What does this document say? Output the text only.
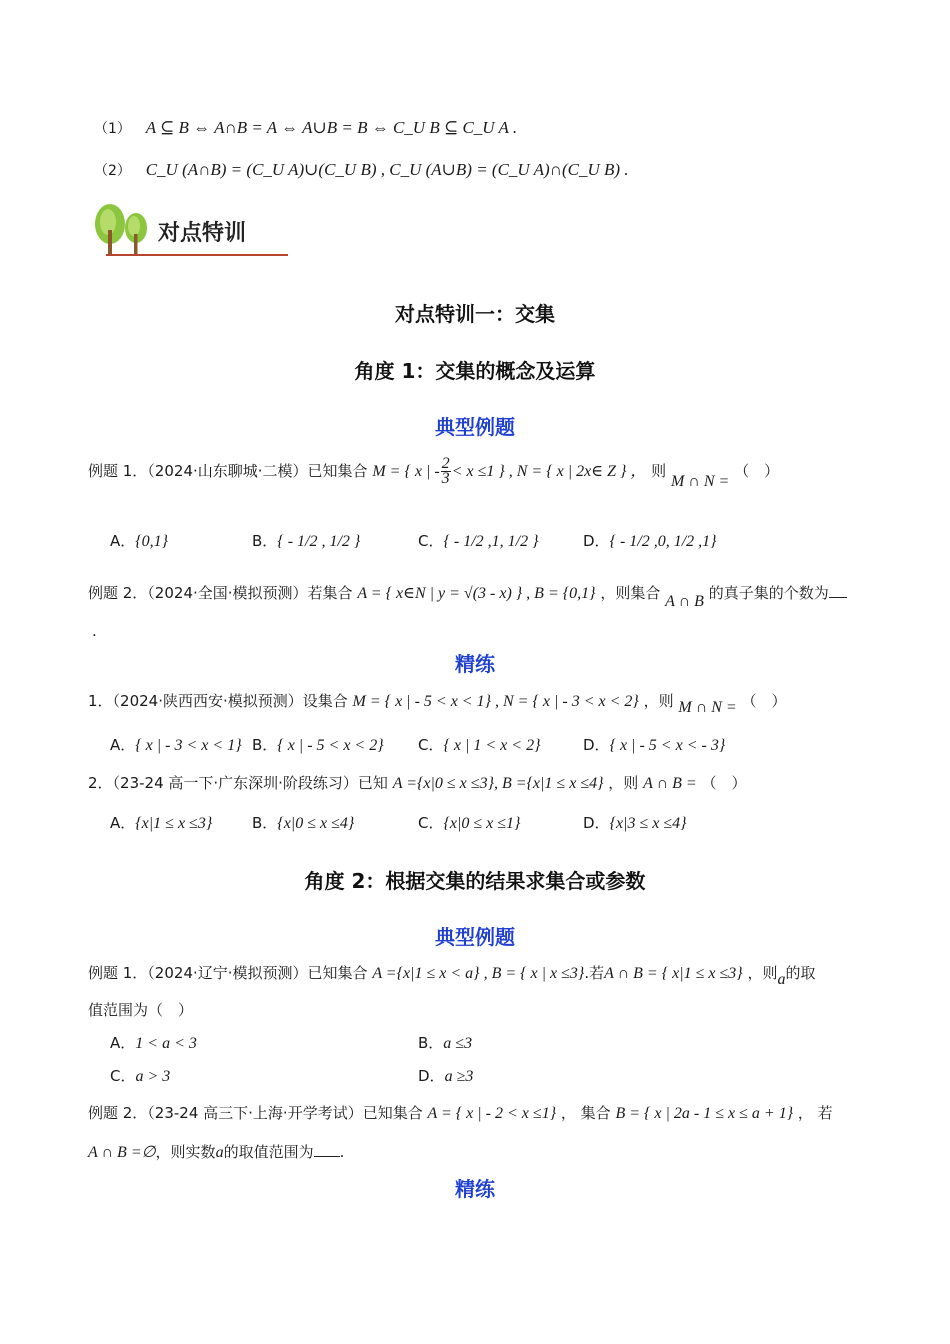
（1） A ⊆ B ⇔ A∩B = A ⇔ A∪B = B ⇔ C_U B ⊆ C_U A .
（2） C_U (A∩B) = (C_U A)∪(C_U B) , C_U (A∪B) = (C_U A)∩(C_U B) .
对点特训
对点特训一：交集
角度 1：交集的概念及运算
典型例题
例题 1．（2024·山东聊城·二模）已知集合 M = { x | - $\frac{2}{3} < x \le 1$ } , N = { x | 2x∈ Z } ， 则 M ∩ N = （　）
A．{0,1}	B．{ - 1/2 , 1/2 }	C．{ - 1/2 ,1, 1/2 }	D．{ - 1/2 ,0, 1/2 ,1}
例题 2．（2024·全国·模拟预测）若集合 A = { x∈N | y = √(3 - x) } , B = {0,1} ，则集合 A ∩ B 的真子集的个数为
.
精练
1．（2024·陕西西安·模拟预测）设集合 M = { x | - 5 < x < 1} , N = { x | - 3 < x < 2} ，则 M ∩ N = （　）
A．{ x | - 3 < x < 1} B．{ x | - 5 < x < 2} C．{ x | 1 < x < 2}	D．{ x | - 5 < x < - 3}
2．（23-24 高一下·广东深圳·阶段练习）已知 A ={x|0 ≤ x ≤3}, B ={x|1 ≤ x ≤4} ，则 A ∩ B = （　）
A．{x|1 ≤ x ≤3}	B．{x|0 ≤ x ≤4}	C．{x|0 ≤ x ≤1}	D．{x|3 ≤ x ≤4}
角度 2：根据交集的结果求集合或参数
典型例题
例题 1．（2024·辽宁·模拟预测）已知集合 A ={x|1 ≤ x < a} , B = { x | x ≤3}.若A ∩ B = { x|1 ≤ x ≤3} ，则a的取
值范围为（　）
A．1 < a < 3	B．a ≤3
C．a > 3	D．a ≥3
例题 2．（23-24 高三下·上海·开学考试）已知集合 A = { x | - 2 < x ≤1} ， 集合 B = { x | 2a - 1 ≤ x ≤ a + 1} ， 若
A ∩ B =∅，则实数a的取值范围为 .
精练
